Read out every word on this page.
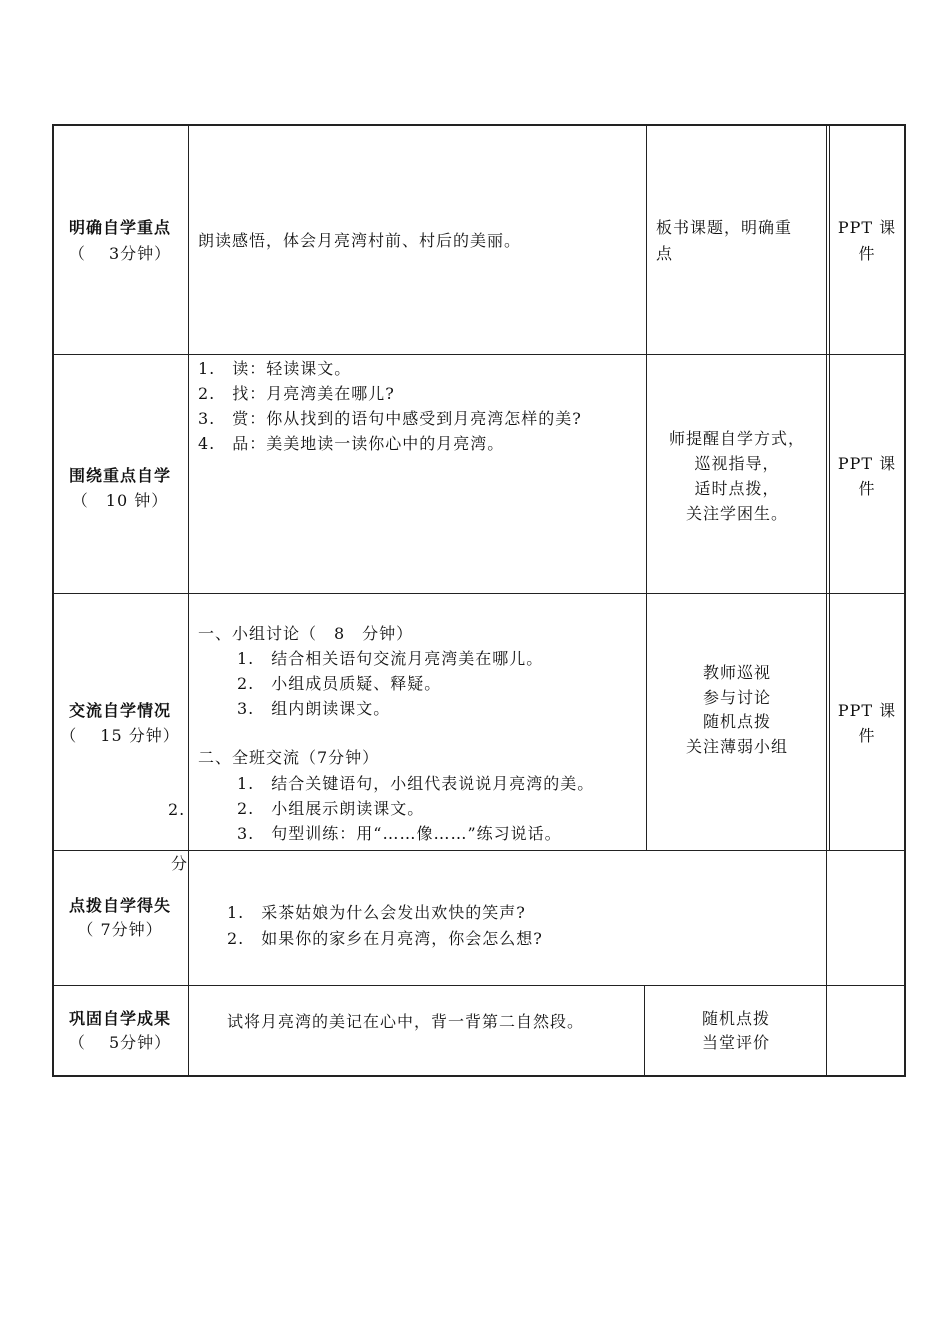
明确自学重点
（　 3分钟）
朗读感悟，体会月亮湾村前、村后的美丽。
板书课题，明确重
点
PPT 课
件
围绕重点自学
（　10 钟）
1.　读：轻读课文。
2.　找：月亮湾美在哪儿?
3.　赏：你从找到的语句中感受到月亮湾怎样的美?
4.　品：美美地读一读你心中的月亮湾。	师提醒自学方式，
巡视指导，
适时点拨，
关注学困生。
PPT 课
件
交流自学情况
（　 15 分钟）
2.
一、小组讨论（　8　分钟）
1.　结合相关语句交流月亮湾美在哪儿。
2.　小组成员质疑、释疑。
3.　组内朗读课文。
二、全班交流（7分钟）
1.　结合关键语句，小组代表说说月亮湾的美。
2.　小组展示朗读课文。
3.　句型训练：用“……像……”练习说话。
教师巡视
参与讨论
随机点拨
关注薄弱小组
PPT 课
件
分
点拨自学得失
（ 7分钟）
1.　采茶姑娘为什么会发出欢快的笑声?
2.　如果你的家乡在月亮湾，你会怎么想?
巩固自学成果
（　 5分钟）
试将月亮湾的美记在心中，背一背第二自然段。	随机点拨
当堂评价
